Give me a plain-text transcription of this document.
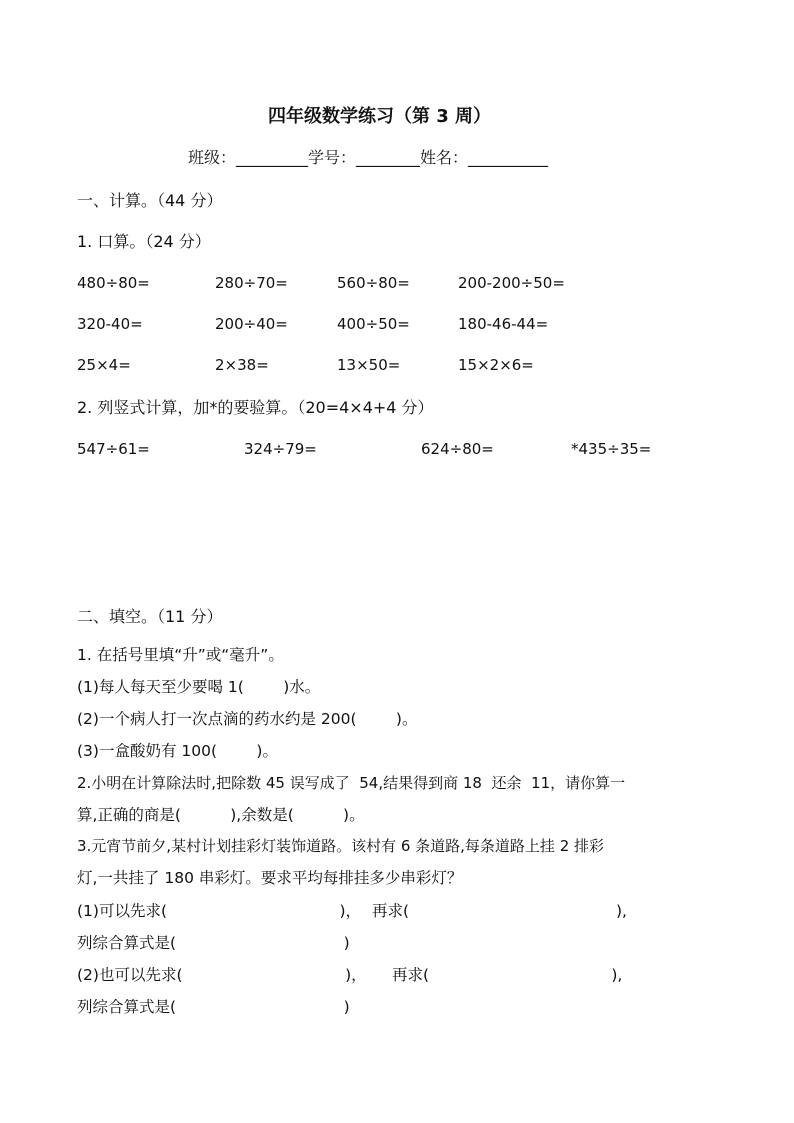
四年级数学练习（第 3 周）
班级：_________学号：________姓名：__________
一、计算。（44 分）
1. 口算。（24 分）
480÷80=	280÷70=	560÷80=	200-200÷50=
320-40=	200÷40=	400÷50=	180-46-44=
25×4=	2×38=	13×50=	15×2×6=
2. 列竖式计算，加*的要验算。（20=4×4+4 分）
547÷61=	324÷79=	624÷80=	*435÷35=
二、填空。（11 分）
1. 在括号里填“升”或“毫升”。
(1)每人每天至少要喝 1(        )水。
(2)一个病人打一次点滴的药水约是 200(        )。
(3)一盒酸奶有 100(        )。
2.小明在计算除法时,把除数 45 误写成了  54,结果得到商 18  还余  11，请你算一
算,正确的商是(          ),余数是(          )。
3.元宵节前夕,某村计划挂彩灯装饰道路。该村有 6 条道路,每条道路上挂 2 排彩
灯,一共挂了 180 串彩灯。要求平均每排挂多少串彩灯？
(1)可以先求(                                   )， 再求(                                          ),
列综合算式是(                                  )
(2)也可以先求(                                 )， 再求(                                     ),
列综合算式是(                                  )
